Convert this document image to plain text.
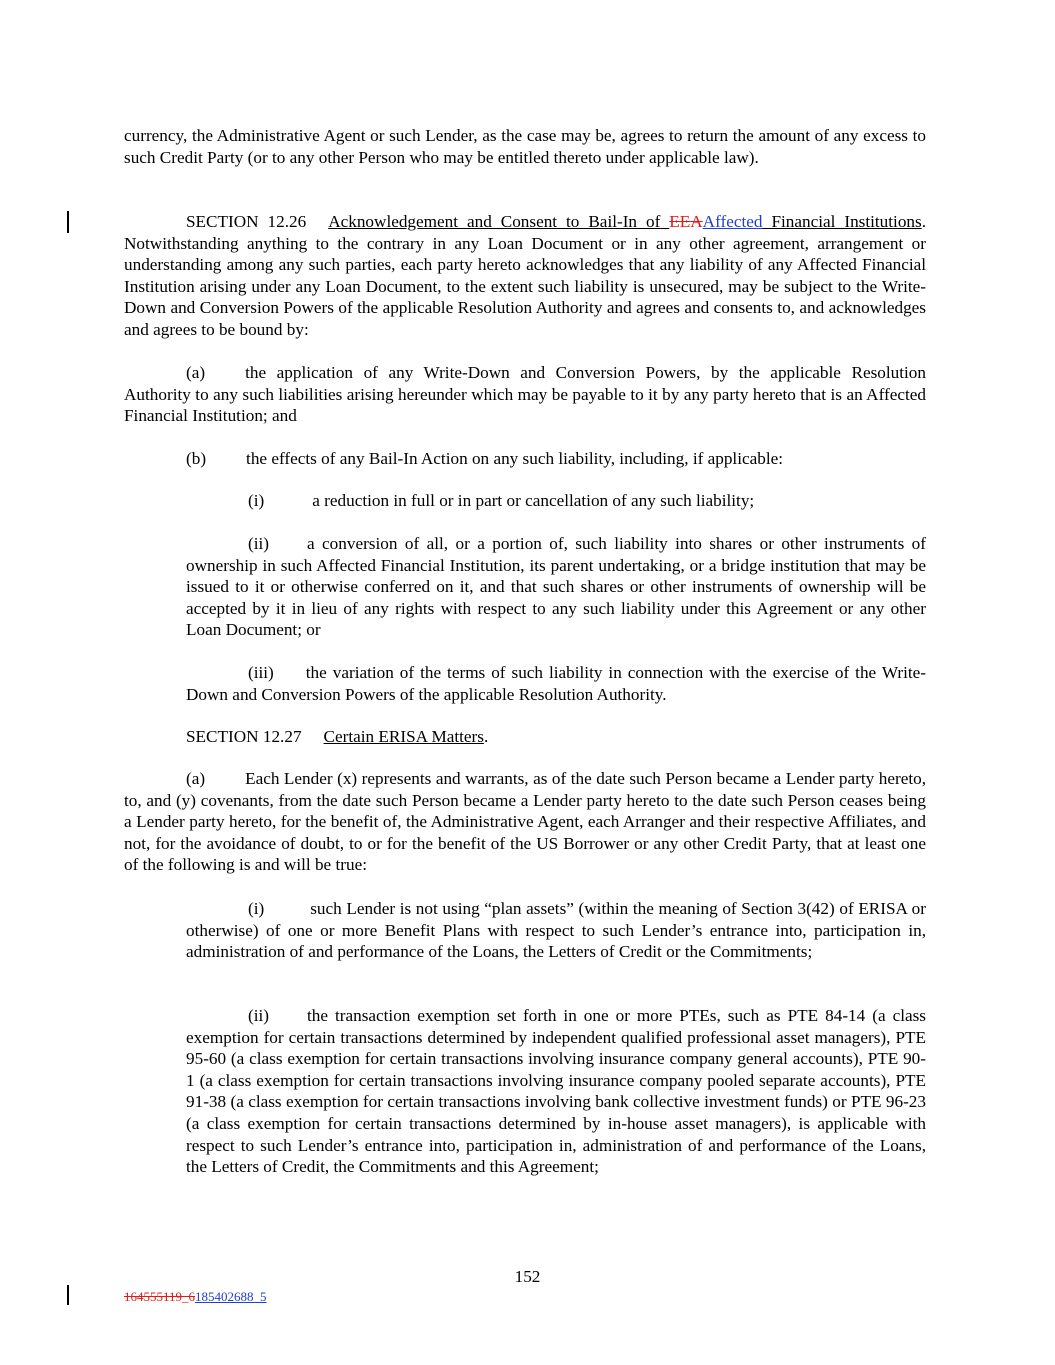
currency, the Administrative Agent or such Lender, as the case may be, agrees to return the amount of any excess to such Credit Party (or to any other Person who may be entitled thereto under applicable law).

SECTION 12.26 Acknowledgement and Consent to Bail-In of EEAAffected Financial Institutions. Notwithstanding anything to the contrary in any Loan Document or in any other agreement, arrangement or understanding among any such parties, each party hereto acknowledges that any liability of any Affected Financial Institution arising under any Loan Document, to the extent such liability is unsecured, may be subject to the Write-Down and Conversion Powers of the applicable Resolution Authority and agrees and consents to, and acknowledges and agrees to be bound by:

(a) the application of any Write-Down and Conversion Powers, by the applicable Resolution Authority to any such liabilities arising hereunder which may be payable to it by any party hereto that is an Affected Financial Institution; and

(b) the effects of any Bail-In Action on any such liability, including, if applicable:

(i)	a reduction in full or in part or cancellation of any such liability;

(ii) a conversion of all, or a portion of, such liability into shares or other instruments of ownership in such Affected Financial Institution, its parent undertaking, or a bridge institution that may be issued to it or otherwise conferred on it, and that such shares or other instruments of ownership will be accepted by it in lieu of any rights with respect to any such liability under this Agreement or any other Loan Document; or

(iii) the variation of the terms of such liability in connection with the exercise of the Write-Down and Conversion Powers of the applicable Resolution Authority.

SECTION 12.27 Certain ERISA Matters.

(a) Each Lender (x) represents and warrants, as of the date such Person became a Lender party hereto, to, and (y) covenants, from the date such Person became a Lender party hereto to the date such Person ceases being a Lender party hereto, for the benefit of, the Administrative Agent, each Arranger and their respective Affiliates, and not, for the avoidance of doubt, to or for the benefit of the US Borrower or any other Credit Party, that at least one of the following is and will be true:

(i)	such Lender is not using “plan assets” (within the meaning of Section 3(42) of ERISA or otherwise) of one or more Benefit Plans with respect to such Lender’s entrance into, participation in, administration of and performance of the Loans, the Letters of Credit or the Commitments;

(ii) the transaction exemption set forth in one or more PTEs, such as PTE 84-14 (a class exemption for certain transactions determined by independent qualified professional asset managers), PTE 95-60 (a class exemption for certain transactions involving insurance company general accounts), PTE 90-1 (a class exemption for certain transactions involving insurance company pooled separate accounts), PTE 91-38 (a class exemption for certain transactions involving bank collective investment funds) or PTE 96-23 (a class exemption for certain transactions determined by in-house asset managers), is applicable with respect to such Lender’s entrance into, participation in, administration of and performance of the Loans, the Letters of Credit, the Commitments and this Agreement;

152
164555119_6185402688_5
